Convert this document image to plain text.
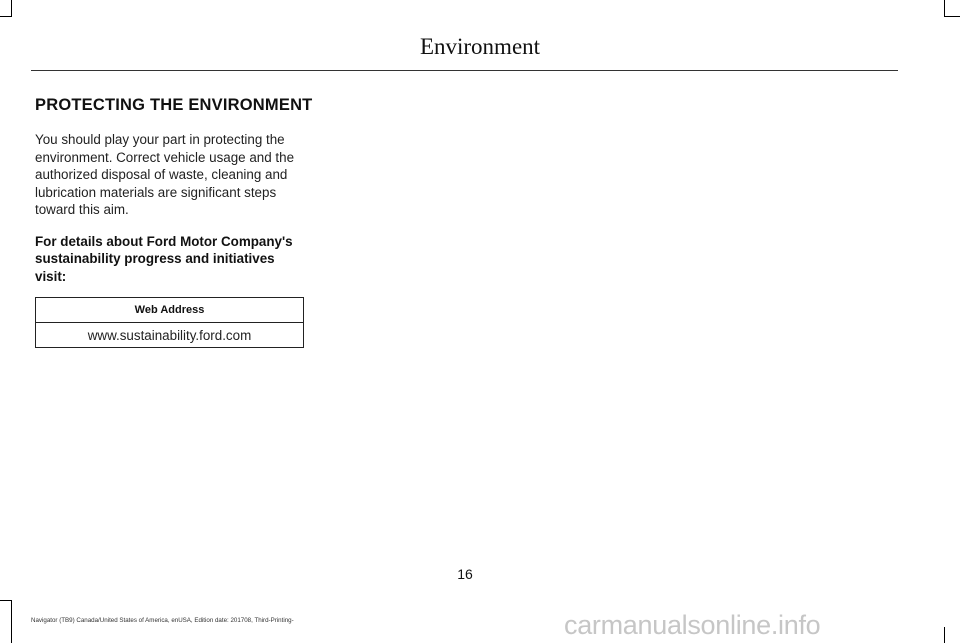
Environment
PROTECTING THE ENVIRONMENT

You should play your part in protecting the environment. Correct vehicle usage and the authorized disposal of waste, cleaning and lubrication materials are significant steps toward this aim.

For details about Ford Motor Company's sustainability progress and initiatives visit:

Web Address
www.sustainability.ford.com
16
Navigator (TB9) Canada/United States of America, enUSA, Edition date: 201708, Third-Printing-	carmanualsonline.info
